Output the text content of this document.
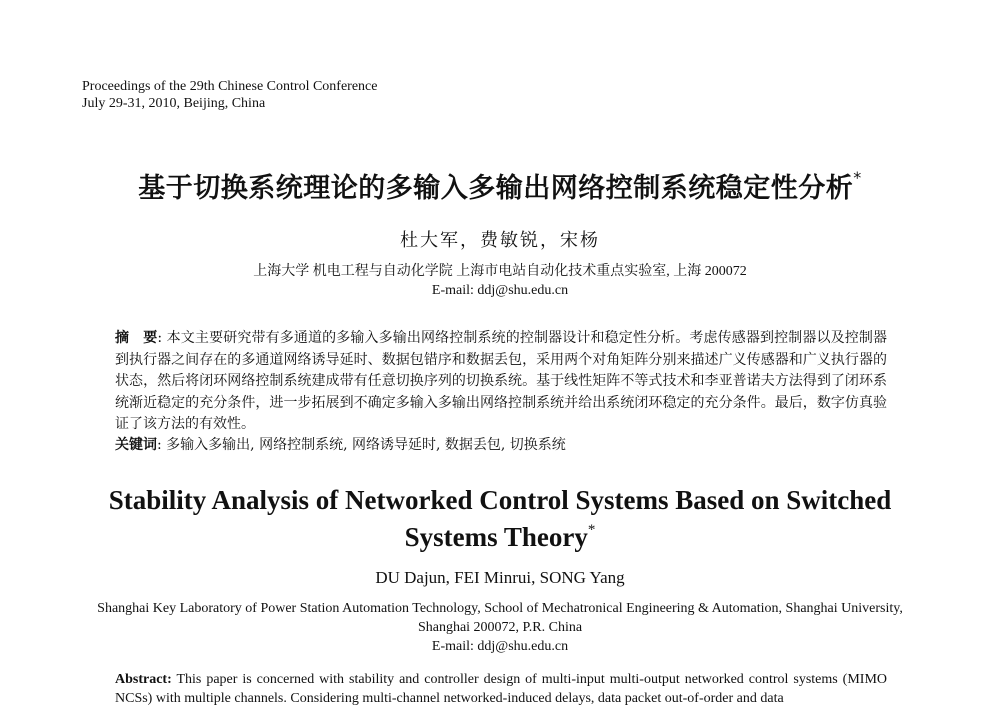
Proceedings of the 29th Chinese Control Conference
July 29-31, 2010, Beijing, China
基于切换系统理论的多输入多输出网络控制系统稳定性分析*
杜大军，费敏锐，宋杨
上海大学 机电工程与自动化学院 上海市电站自动化技术重点实验室, 上海 200072
E-mail: ddj@shu.edu.cn
摘　要: 本文主要研究带有多通道的多输入多输出网络控制系统的控制器设计和稳定性分析。考虑传感器到控制器以及控制器到执行器之间存在的多通道网络诱导延时、数据包错序和数据丢包，采用两个对角矩阵分别来描述广义传感器和广义执行器的状态，然后将闭环网络控制系统建成带有任意切换序列的切换系统。基于线性矩阵不等式技术和李亚普诺夫方法得到了闭环系统渐近稳定的充分条件，进一步拓展到不确定多输入多输出网络控制系统并给出系统闭环稳定的充分条件。最后，数字仿真验证了该方法的有效性。
关键词: 多输入多输出, 网络控制系统, 网络诱导延时, 数据丢包, 切换系统
Stability Analysis of Networked Control Systems Based on Switched
Systems Theory*
DU Dajun, FEI Minrui, SONG Yang
Shanghai Key Laboratory of Power Station Automation Technology, School of Mechatronical Engineering & Automation, Shanghai University, Shanghai 200072, P.R. China
E-mail: ddj@shu.edu.cn
Abstract: This paper is concerned with stability and controller design of multi-input multi-output networked control systems (MIMO NCSs) with multiple channels. Considering multi-channel networked-induced delays, data packet out-of-order and data
